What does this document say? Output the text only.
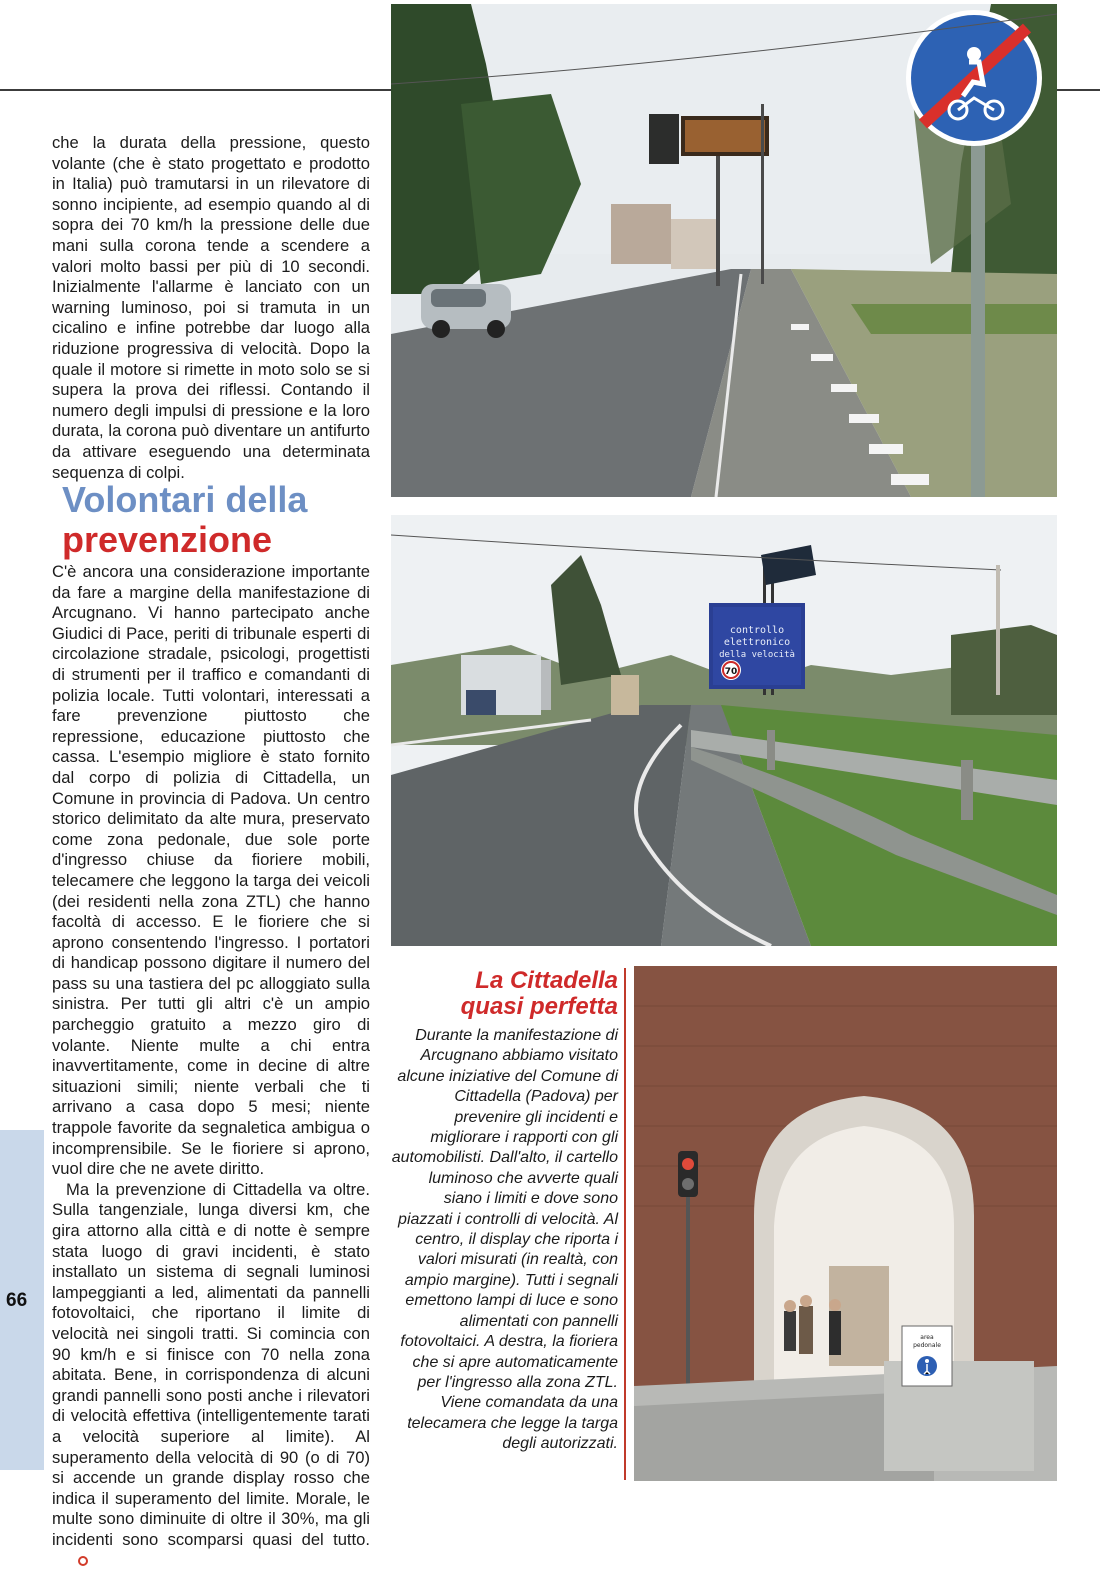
che la durata della pressione, questo volante (che è stato progettato e prodotto in Italia) può tramutarsi in un rilevatore di sonno incipiente, ad esempio quando al di sopra dei 70 km/h la pressione delle due mani sulla corona tende a scendere a valori molto bassi per più di 10 secondi. Inizialmente l'allarme è lanciato con un warning luminoso, poi si tramuta in un cicalino e infine potrebbe dar luogo alla riduzione progressiva di velocità. Dopo la quale il motore si rimette in moto solo se si supera la prova dei riflessi. Contando il numero degli impulsi di pressione e la loro durata, la corona può diventare un antifurto da attivare eseguendo una determinata sequenza di colpi.

Volontari della
prevenzione

C'è ancora una considerazione importante da fare a margine della manifestazione di Arcugnano. Vi hanno partecipato anche Giudici di Pace, periti di tribunale esperti di circolazione stradale, psicologi, progettisti di strumenti per il traffico e comandanti di polizia locale. Tutti volontari, interessati a fare prevenzione piuttosto che repressione, educazione piuttosto che cassa. L'esempio migliore è stato fornito dal corpo di polizia di Cittadella, un Comune in provincia di Padova. Un centro storico delimitato da alte mura, preservato come zona pedonale, due sole porte d'ingresso chiuse da fioriere mobili, telecamere che leggono la targa dei veicoli (dei residenti nella zona ZTL) che hanno facoltà di accesso. E le fioriere che si aprono consentendo l'ingresso. I portatori di handicap possono digitare il numero del pass su una tastiera del pc alloggiato sulla sinistra. Per tutti gli altri c'è un ampio parcheggio gratuito a mezzo giro di volante. Niente multe a chi entra inavvertitamente, come in decine di altre situazioni simili; niente verbali che ti arrivano a casa dopo 5 mesi; niente trappole favorite da segnaletica ambigua o incomprensibile. Se le fioriere si aprono, vuol dire che ne avete diritto.

Ma la prevenzione di Cittadella va oltre. Sulla tangenziale, lunga diversi km, che gira attorno alla città e di notte è sempre stata luogo di gravi incidenti, è stato installato un sistema di segnali luminosi lampeggianti a led, alimentati da pannelli fotovoltaici, che riportano il limite di velocità nei singoli tratti. Si comincia con 90 km/h e si finisce con 70 nella zona abitata. Bene, in corrispondenza di alcuni grandi pannelli sono posti anche i rilevatori di velocità effettiva (intelligentemente tarati a velocità superiore al limite). Al superamento della velocità di 90 (o di 70) si accende un grande display rosso che indica il superamento del limite. Morale, le multe sono diminuite di oltre il 30%, ma gli incidenti sono scomparsi quasi del tutto.

66
controllo
elettronico
della velocità
70
area
pedonale
La Cittadella
quasi perfetta

Durante la manifestazione di Arcugnano abbiamo visitato alcune iniziative del Comune di Cittadella (Padova) per prevenire gli incidenti e migliorare i rapporti con gli automobilisti. Dall'alto, il cartello luminoso che avverte quali siano i limiti e dove sono piazzati i controlli di velocità. Al centro, il display che riporta i valori misurati (in realtà, con ampio margine). Tutti i segnali emettono lampi di luce e sono alimentati con pannelli fotovoltaici. A destra, la fioriera che si apre automaticamente per l'ingresso alla zona ZTL. Viene comandata da una telecamera che legge la targa degli autorizzati.
